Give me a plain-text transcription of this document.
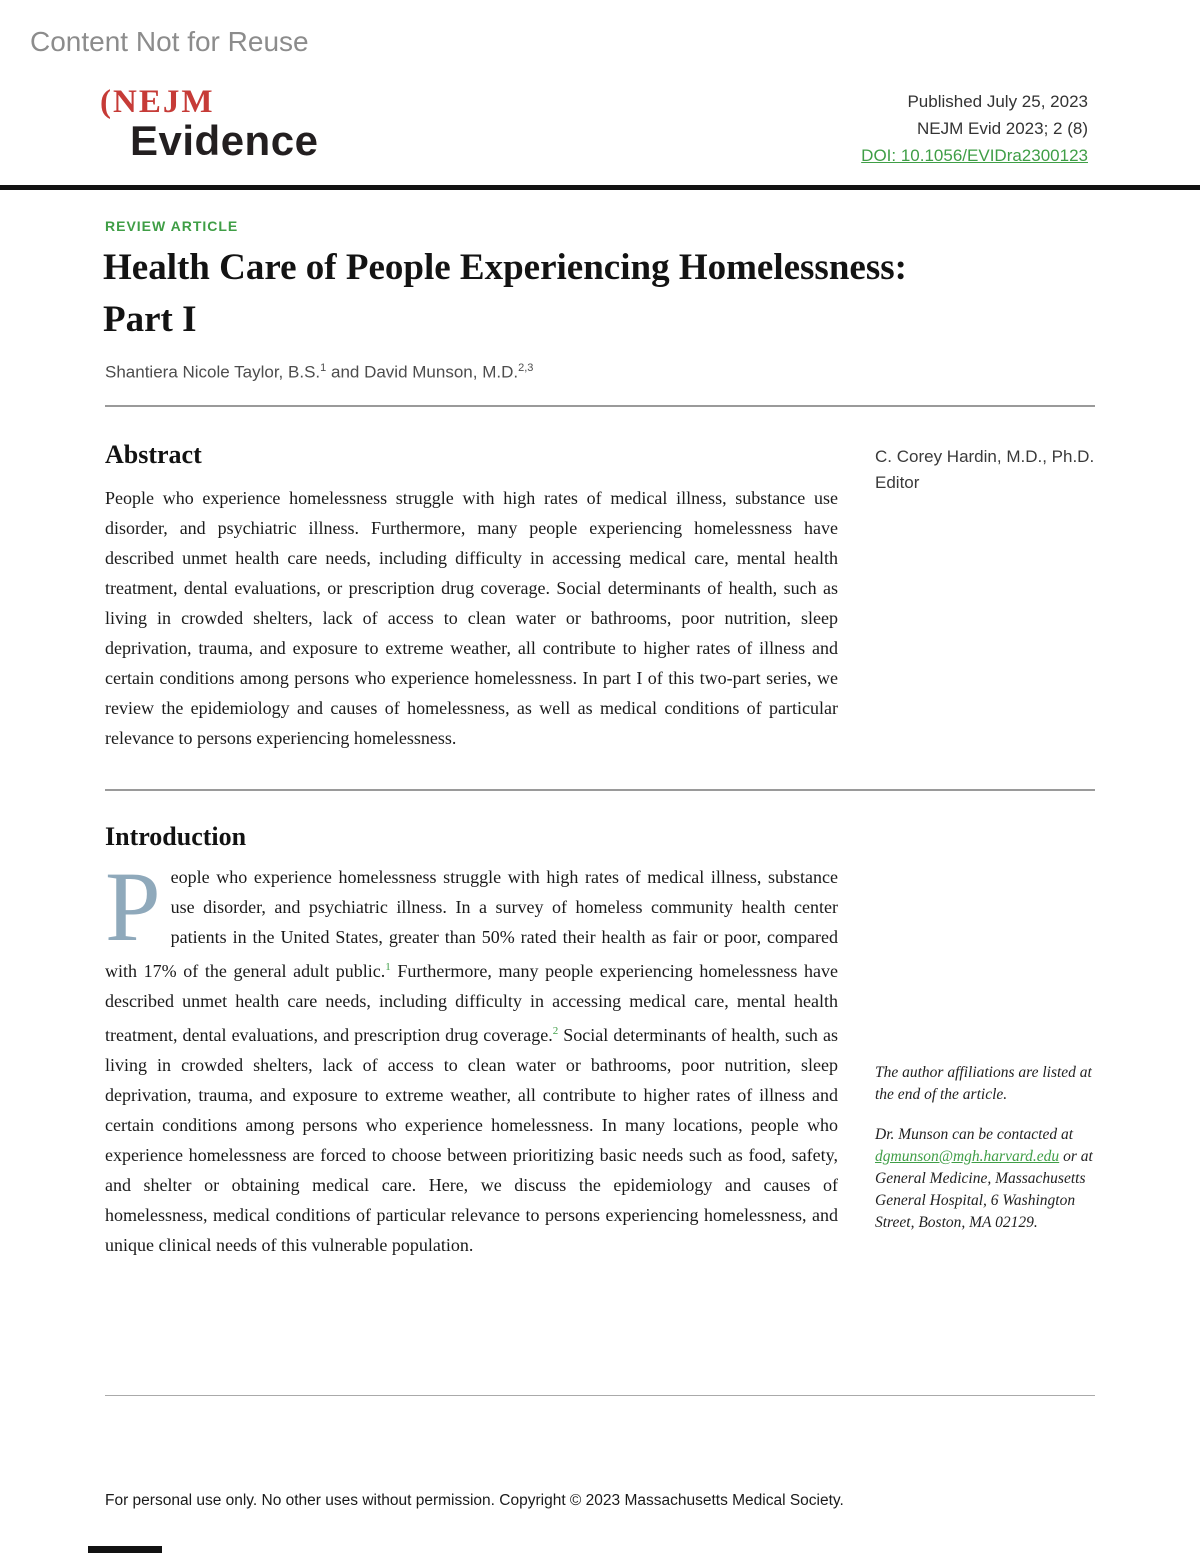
Content Not for Reuse
(NEJM
Evidence
Published July 25, 2023
NEJM Evid 2023; 2 (8)
DOI: 10.1056/EVIDra2300123
REVIEW ARTICLE
Health Care of People Experiencing Homelessness:
Part I
Shantiera Nicole Taylor, B.S.$^1$ and David Munson, M.D.$^{2,3}$
Abstract

People who experience homelessness struggle with high rates of medical illness, substance use disorder, and psychiatric illness. Furthermore, many people experiencing homelessness have described unmet health care needs, including difficulty in accessing medical care, mental health treatment, dental evaluations, or prescription drug coverage. Social determinants of health, such as living in crowded shelters, lack of access to clean water or bathrooms, poor nutrition, sleep deprivation, trauma, and exposure to extreme weather, all contribute to higher rates of illness and certain conditions among persons who experience homelessness. In part I of this two-part series, we review the epidemiology and causes of homelessness, as well as medical conditions of particular relevance to persons experiencing homelessness.

C. Corey Hardin, M.D., Ph.D.
Editor
Introduction

People who experience homelessness struggle with high rates of medical illness, substance use disorder, and psychiatric illness. In a survey of homeless community health center patients in the United States, greater than 50% rated their health as fair or poor, compared with 17% of the general adult public.$^1$ Furthermore, many people experiencing homelessness have described unmet health care needs, including difficulty in accessing medical care, mental health treatment, dental evaluations, and prescription drug coverage.$^2$ Social determinants of health, such as living in crowded shelters, lack of access to clean water or bathrooms, poor nutrition, sleep deprivation, trauma, and exposure to extreme weather, all contribute to higher rates of illness and certain conditions among persons who experience homelessness. In many locations, people who experience homelessness are forced to choose between prioritizing basic needs such as food, safety, and shelter or obtaining medical care. Here, we discuss the epidemiology and causes of homelessness, medical conditions of particular relevance to persons experiencing homelessness, and unique clinical needs of this vulnerable population.

The author affiliations are listed at the end of the article.
Dr. Munson can be contacted at dgmunson@mgh.harvard.edu or at General Medicine, Massachusetts General Hospital, 6 Washington Street, Boston, MA 02129.
For personal use only. No other uses without permission. Copyright © 2023 Massachusetts Medical Society.
